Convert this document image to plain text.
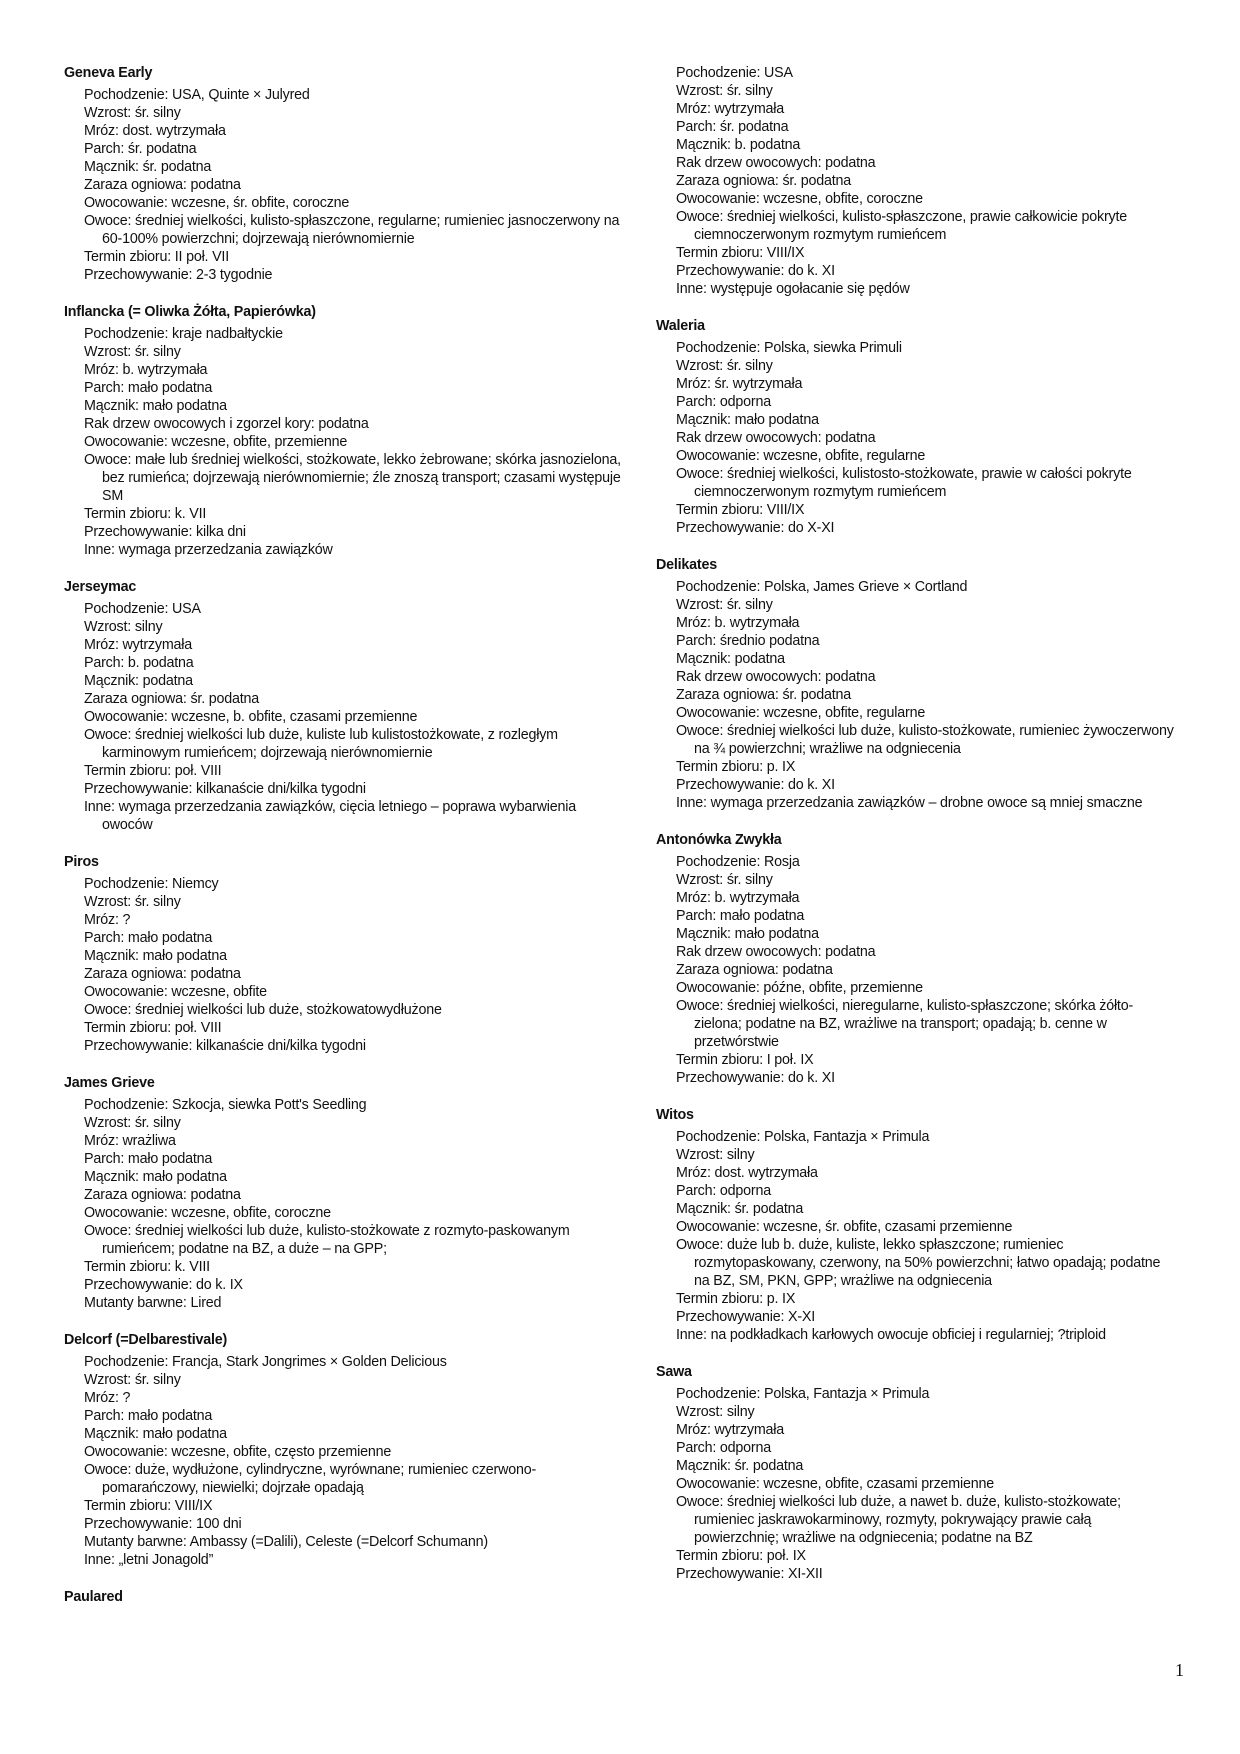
Geneva Early
Pochodzenie: USA, Quinte × Julyred
Wzrost: śr. silny
Mróz: dost. wytrzymała
Parch: śr. podatna
Mącznik: śr. podatna
Zaraza ogniowa: podatna
Owocowanie: wczesne, śr. obfite, coroczne
Owoce: średniej wielkości, kulisto-spłaszczone, regularne; rumieniec jasnoczerwony na 60-100% powierzchni; dojrzewają nierównomiernie
Termin zbioru: II poł. VII
Przechowywanie: 2-3 tygodnie
Inflancka (= Oliwka Żółta, Papierówka)
Pochodzenie: kraje nadbałtyckie
Wzrost: śr. silny
Mróz: b. wytrzymała
Parch: mało podatna
Mącznik: mało podatna
Rak drzew owocowych i zgorzel kory: podatna
Owocowanie: wczesne, obfite, przemienne
Owoce: małe lub średniej wielkości, stożkowate, lekko żebrowane; skórka jasnozielona, bez rumieńca; dojrzewają nierównomiernie; źle znoszą transport; czasami występuje SM
Termin zbioru: k. VII
Przechowywanie: kilka dni
Inne: wymaga przerzedzania zawiązków
Jerseymac
Pochodzenie: USA
Wzrost: silny
Mróz: wytrzymała
Parch: b. podatna
Mącznik: podatna
Zaraza ogniowa: śr. podatna
Owocowanie: wczesne, b. obfite, czasami przemienne
Owoce: średniej wielkości lub duże, kuliste lub kulistostożkowate, z rozległym karminowym rumieńcem; dojrzewają nierównomiernie
Termin zbioru: poł. VIII
Przechowywanie: kilkanaście dni/kilka tygodni
Inne: wymaga przerzedzania zawiązków, cięcia letniego – poprawa wybarwienia owoców
Piros
Pochodzenie: Niemcy
Wzrost: śr. silny
Mróz: ?
Parch: mało podatna
Mącznik: mało podatna
Zaraza ogniowa: podatna
Owocowanie: wczesne, obfite
Owoce: średniej wielkości lub duże, stożkowatowydłużone
Termin zbioru: poł. VIII
Przechowywanie: kilkanaście dni/kilka tygodni
James Grieve
Pochodzenie: Szkocja, siewka Pott's Seedling
Wzrost: śr. silny
Mróz: wrażliwa
Parch: mało podatna
Mącznik: mało podatna
Zaraza ogniowa: podatna
Owocowanie: wczesne, obfite, coroczne
Owoce: średniej wielkości lub duże, kulisto-stożkowate z rozmyto-paskowanym rumieńcem; podatne na BZ, a duże – na GPP;
Termin zbioru: k. VIII
Przechowywanie: do k. IX
Mutanty barwne: Lired
Delcorf (=Delbarestivale)
Pochodzenie: Francja, Stark Jongrimes × Golden Delicious
Wzrost: śr. silny
Mróz: ?
Parch: mało podatna
Mącznik: mało podatna
Owocowanie: wczesne, obfite, często przemienne
Owoce: duże, wydłużone, cylindryczne, wyrównane; rumieniec czerwono-pomarańczowy, niewielki; dojrzałe opadają
Termin zbioru: VIII/IX
Przechowywanie: 100 dni
Mutanty barwne: Ambassy (=Dalili), Celeste (=Delcorf Schumann)
Inne: „letni Jonagold”
Paulared
Pochodzenie: USA
Wzrost: śr. silny
Mróz: wytrzymała
Parch: śr. podatna
Mącznik: b. podatna
Rak drzew owocowych: podatna
Zaraza ogniowa: śr. podatna
Owocowanie: wczesne, obfite, coroczne
Owoce: średniej wielkości, kulisto-spłaszczone, prawie całkowicie pokryte ciemnoczerwonym rozmytym rumieńcem
Termin zbioru: VIII/IX
Przechowywanie: do k. XI
Inne: występuje ogołacanie się pędów
Waleria
Pochodzenie: Polska, siewka Primuli
Wzrost: śr. silny
Mróz: śr. wytrzymała
Parch: odporna
Mącznik: mało podatna
Rak drzew owocowych: podatna
Owocowanie: wczesne, obfite, regularne
Owoce: średniej wielkości, kulistosto-stożkowate, prawie w całości pokryte ciemnoczerwonym rozmytym rumieńcem
Termin zbioru: VIII/IX
Przechowywanie: do X-XI
Delikates
Pochodzenie: Polska, James Grieve × Cortland
Wzrost: śr. silny
Mróz: b. wytrzymała
Parch: średnio podatna
Mącznik: podatna
Rak drzew owocowych: podatna
Zaraza ogniowa: śr. podatna
Owocowanie: wczesne, obfite, regularne
Owoce: średniej wielkości lub duże, kulisto-stożkowate, rumieniec żywoczerwony na ¾ powierzchni; wrażliwe na odgniecenia
Termin zbioru: p. IX
Przechowywanie: do k. XI
Inne: wymaga przerzedzania zawiązków – drobne owoce są mniej smaczne
Antonówka Zwykła
Pochodzenie: Rosja
Wzrost: śr. silny
Mróz: b. wytrzymała
Parch: mało podatna
Mącznik: mało podatna
Rak drzew owocowych: podatna
Zaraza ogniowa: podatna
Owocowanie: późne, obfite, przemienne
Owoce: średniej wielkości, nieregularne, kulisto-spłaszczone; skórka żółto-zielona; podatne na BZ, wrażliwe na transport; opadają; b. cenne w przetwórstwie
Termin zbioru: I poł. IX
Przechowywanie: do k. XI
Witos
Pochodzenie: Polska, Fantazja × Primula
Wzrost: silny
Mróz: dost. wytrzymała
Parch: odporna
Mącznik: śr. podatna
Owocowanie: wczesne, śr. obfite, czasami przemienne
Owoce: duże lub b. duże, kuliste, lekko spłaszczone; rumieniec rozmytopaskowany, czerwony, na 50% powierzchni; łatwo opadają; podatne na BZ, SM, PKN, GPP; wrażliwe na odgniecenia
Termin zbioru: p. IX
Przechowywanie: X-XI
Inne: na podkładkach karłowych owocuje obficiej i regularniej; ?triploid
Sawa
Pochodzenie: Polska, Fantazja × Primula
Wzrost: silny
Mróz: wytrzymała
Parch: odporna
Mącznik: śr. podatna
Owocowanie: wczesne, obfite, czasami przemienne
Owoce: średniej wielkości lub duże, a nawet b. duże, kulisto-stożkowate; rumieniec jaskrawokarminowy, rozmyty, pokrywający prawie całą powierzchnię; wrażliwe na odgniecenia; podatne na BZ
Termin zbioru: poł. IX
Przechowywanie: XI-XII
1
